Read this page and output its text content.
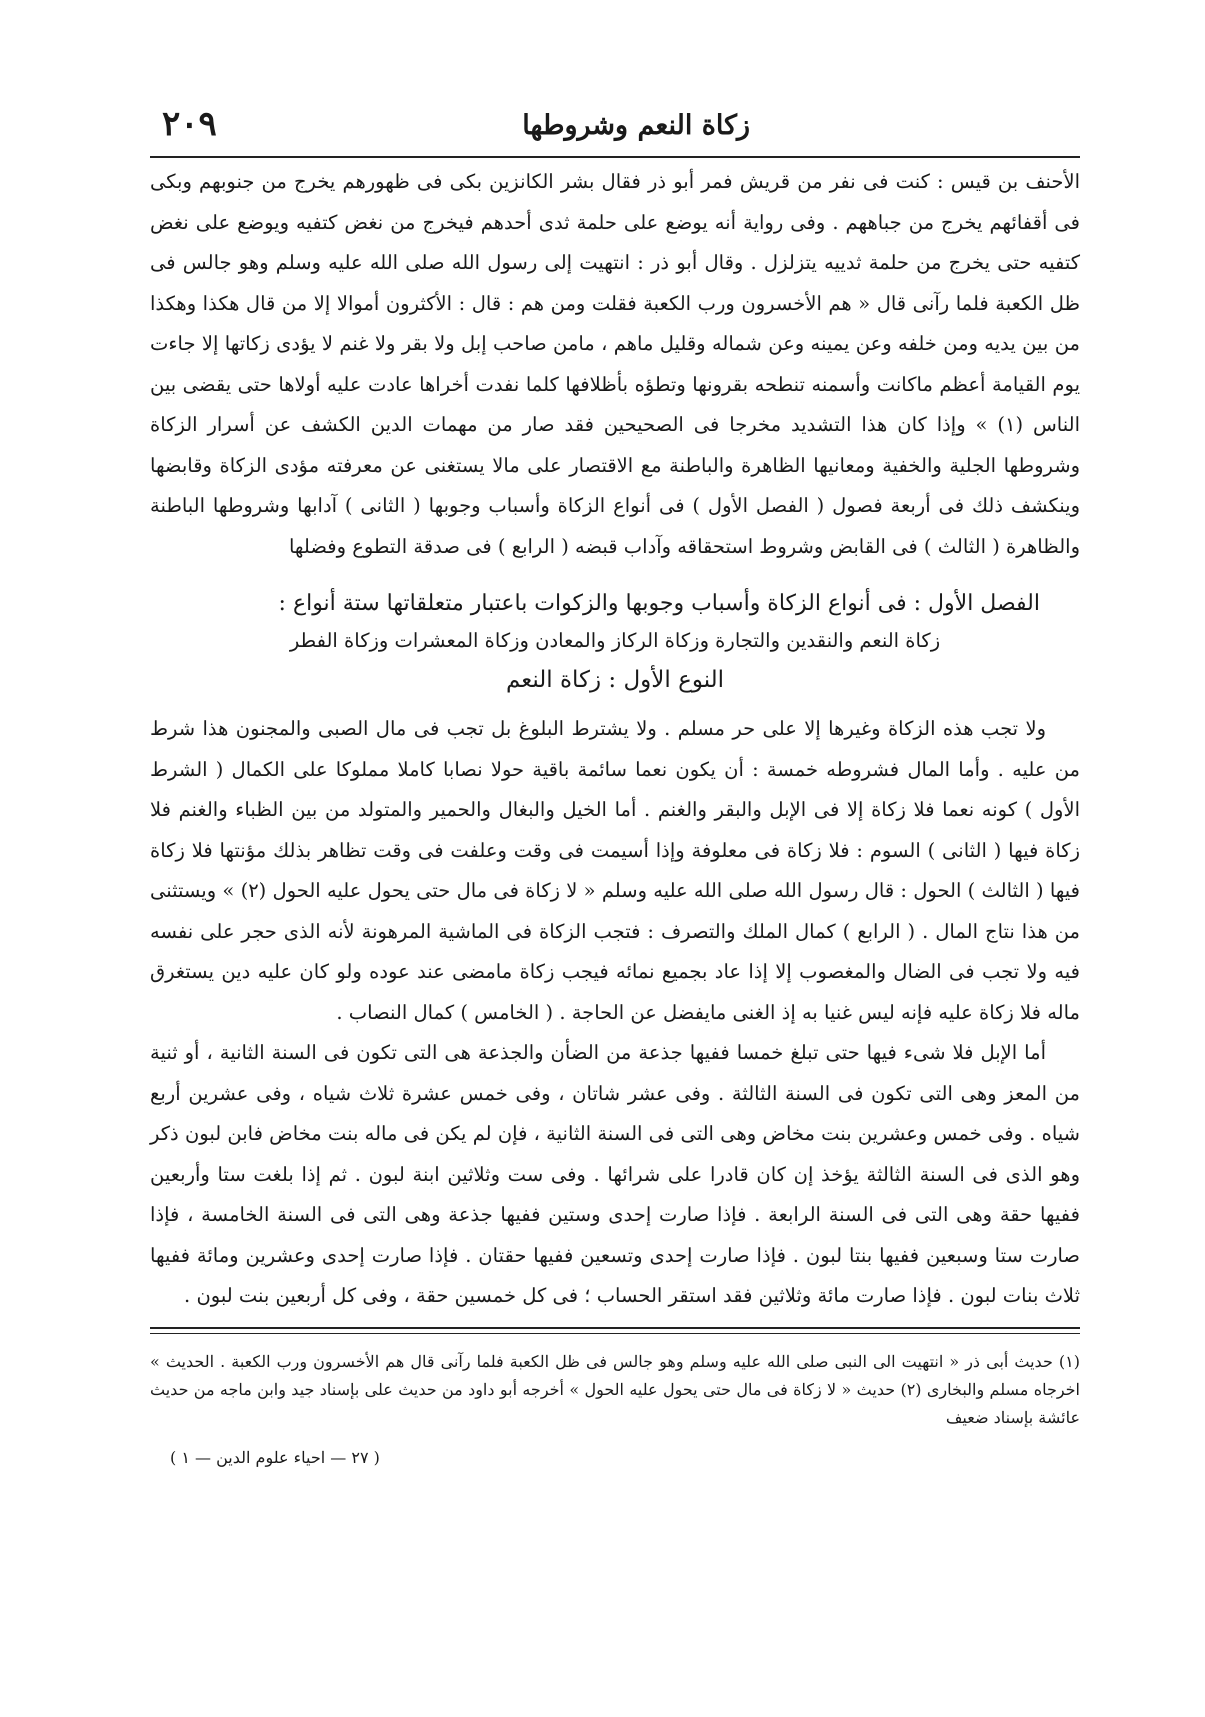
زكاة النعم وشروطها
٢٠٩

الأحنف بن قيس : كنت فى نفر من قريش فمر أبو ذر فقال بشر الكانزين بكى فى ظهورهم يخرج من جنوبهم وبكى فى أقفائهم يخرج من جباههم . وفى رواية أنه يوضع على حلمة ثدى أحدهم فيخرج من نغض كتفيه ويوضع على نغض كتفيه حتى يخرج من حلمة ثدييه يتزلزل . وقال أبو ذر : انتهيت إلى رسول الله صلى الله عليه وسلم وهو جالس فى ظل الكعبة فلما رآنى قال « هم الأخسرون ورب الكعبة فقلت ومن هم : قال : الأكثرون أموالا إلا من قال هكذا وهكذا من بين يديه ومن خلفه وعن يمينه وعن شماله وقليل ماهم ، مامن صاحب إبل ولا بقر ولا غنم لا يؤدى زكاتها إلا جاءت يوم القيامة أعظم ماكانت وأسمنه تنطحه بقرونها وتطؤه بأظلافها كلما نفدت أخراها عادت عليه أولاها حتى يقضى بين الناس (١) » وإذا كان هذا التشديد مخرجا فى الصحيحين فقد صار من مهمات الدين الكشف عن أسرار الزكاة وشروطها الجلية والخفية ومعانيها الظاهرة والباطنة مع الاقتصار على مالا يستغنى عن معرفته مؤدى الزكاة وقابضها وينكشف ذلك فى أربعة فصول ( الفصل الأول ) فى أنواع الزكاة وأسباب وجوبها ( الثانى ) آدابها وشروطها الباطنة والظاهرة ( الثالث ) فى القابض وشروط استحقاقه وآداب قبضه ( الرابع ) فى صدقة التطوع وفضلها

الفصل الأول : فى أنواع الزكاة وأسباب وجوبها والزكوات باعتبار متعلقاتها ستة أنواع :
زكاة النعم والنقدين والتجارة وزكاة الركاز والمعادن وزكاة المعشرات وزكاة الفطر
النوع الأول : زكاة النعم

ولا تجب هذه الزكاة وغيرها إلا على حر مسلم . ولا يشترط البلوغ بل تجب فى مال الصبى والمجنون هذا شرط من عليه . وأما المال فشروطه خمسة : أن يكون نعما سائمة باقية حولا نصابا كاملا مملوكا على الكمال ( الشرط الأول ) كونه نعما فلا زكاة إلا فى الإبل والبقر والغنم . أما الخيل والبغال والحمير والمتولد من بين الظباء والغنم فلا زكاة فيها ( الثانى ) السوم : فلا زكاة فى معلوفة وإذا أسيمت فى وقت وعلفت فى وقت تظاهر بذلك مؤنتها فلا زكاة فيها ( الثالث ) الحول : قال رسول الله صلى الله عليه وسلم « لا زكاة فى مال حتى يحول عليه الحول (٢) » ويستثنى من هذا نتاج المال . ( الرابع ) كمال الملك والتصرف : فتجب الزكاة فى الماشية المرهونة لأنه الذى حجر على نفسه فيه ولا تجب فى الضال والمغصوب إلا إذا عاد بجميع نمائه فيجب زكاة مامضى عند عوده ولو كان عليه دين يستغرق ماله فلا زكاة عليه فإنه ليس غنيا به إذ الغنى مايفضل عن الحاجة . ( الخامس ) كمال النصاب .

أما الإبل فلا شىء فيها حتى تبلغ خمسا ففيها جذعة من الضأن والجذعة هى التى تكون فى السنة الثانية ، أو ثنية من المعز وهى التى تكون فى السنة الثالثة . وفى عشر شاتان ، وفى خمس عشرة ثلاث شياه ، وفى عشرين أربع شياه . وفى خمس وعشرين بنت مخاض وهى التى فى السنة الثانية ، فإن لم يكن فى ماله بنت مخاض فابن لبون ذكر وهو الذى فى السنة الثالثة يؤخذ إن كان قادرا على شرائها . وفى ست وثلاثين ابنة لبون . ثم إذا بلغت ستا وأربعين ففيها حقة وهى التى فى السنة الرابعة . فإذا صارت إحدى وستين ففيها جذعة وهى التى فى السنة الخامسة ، فإذا صارت ستا وسبعين ففيها بنتا لبون . فإذا صارت إحدى وتسعين ففيها حقتان . فإذا صارت إحدى وعشرين ومائة ففيها ثلاث بنات لبون . فإذا صارت مائة وثلاثين فقد استقر الحساب ؛ فى كل خمسين حقة ، وفى كل أربعين بنت لبون .

(١) حديث أبى ذر « انتهيت الى النبى صلى الله عليه وسلم وهو جالس فى ظل الكعبة فلما رآنى قال هم الأخسرون ورب الكعبة . الحديث » اخرجاه مسلم والبخارى (٢) حديث « لا زكاة فى مال حتى يحول عليه الحول » أخرجه أبو داود من حديث على بإسناد جيد وابن ماجه من حديث عائشة بإسناد ضعيف

( ٢٧ — احياء علوم الدين — ١ )
